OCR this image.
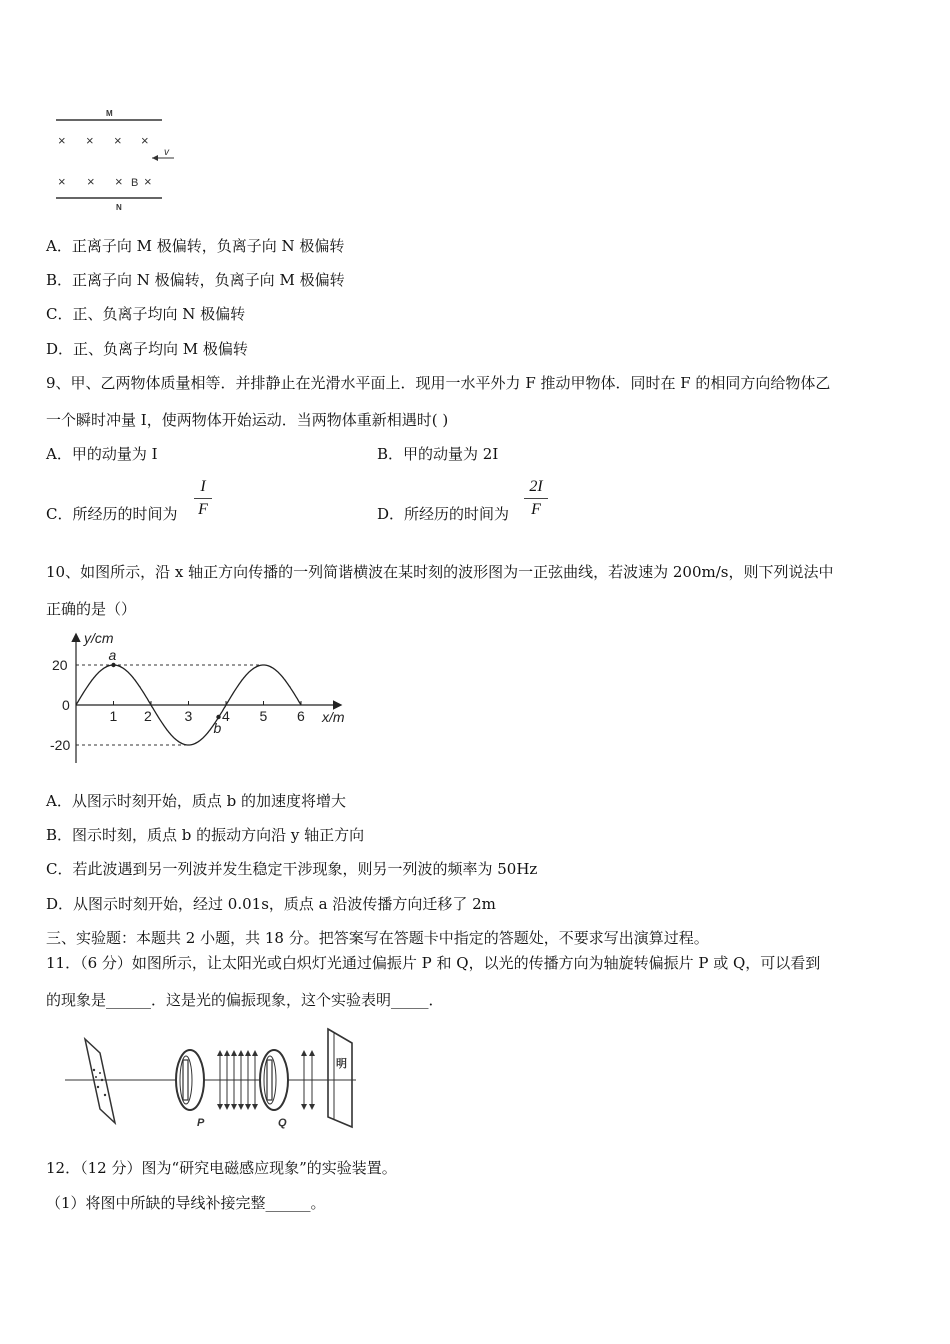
M
× × × ×
× × × ×
B
v
N
A．正离子向 M 极偏转，负离子向 N 极偏转
B．正离子向 N 极偏转，负离子向 M 极偏转
C．正、负离子均向 N 极偏转
D．正、负离子均向 M 极偏转
9、甲、乙两物体质量相等．并排静止在光滑水平面上．现用一水平外力 F 推动甲物体．同时在 F 的相同方向给物体乙
一个瞬时冲量 I，使两物体开始运动．当两物体重新相遇时( )
A．甲的动量为 I	B．甲的动量为 2I
C．所经历的时间为
I
F	D．所经历的时间为
2I
F
10、如图所示，沿 x 轴正方向传播的一列简谐横波在某时刻的波形图为一正弦曲线，若波速为 200m/s，则下列说法中
正确的是（）
y/cm
x/m
1 2 3 4 5 6
20
0
-20
a
b
A．从图示时刻开始，质点 b 的加速度将增大
B．图示时刻，质点 b 的振动方向沿 y 轴正方向
C．若此波遇到另一列波并发生稳定干涉现象，则另一列波的频率为 50Hz
D．从图示时刻开始，经过 0.01s，质点 a 沿波传播方向迁移了 2m
三、实验题：本题共 2 小题，共 18 分。把答案写在答题卡中指定的答题处，不要求写出演算过程。
11．（6 分）如图所示，让太阳光或白炽灯光通过偏振片 P 和 Q，以光的传播方向为轴旋转偏振片 P 或 Q，可以看到
的现象是______．这是光的偏振现象，这个实验表明_____．
明
P	Q
12．（12 分）图为“研究电磁感应现象”的实验装置。
（1）将图中所缺的导线补接完整______。
